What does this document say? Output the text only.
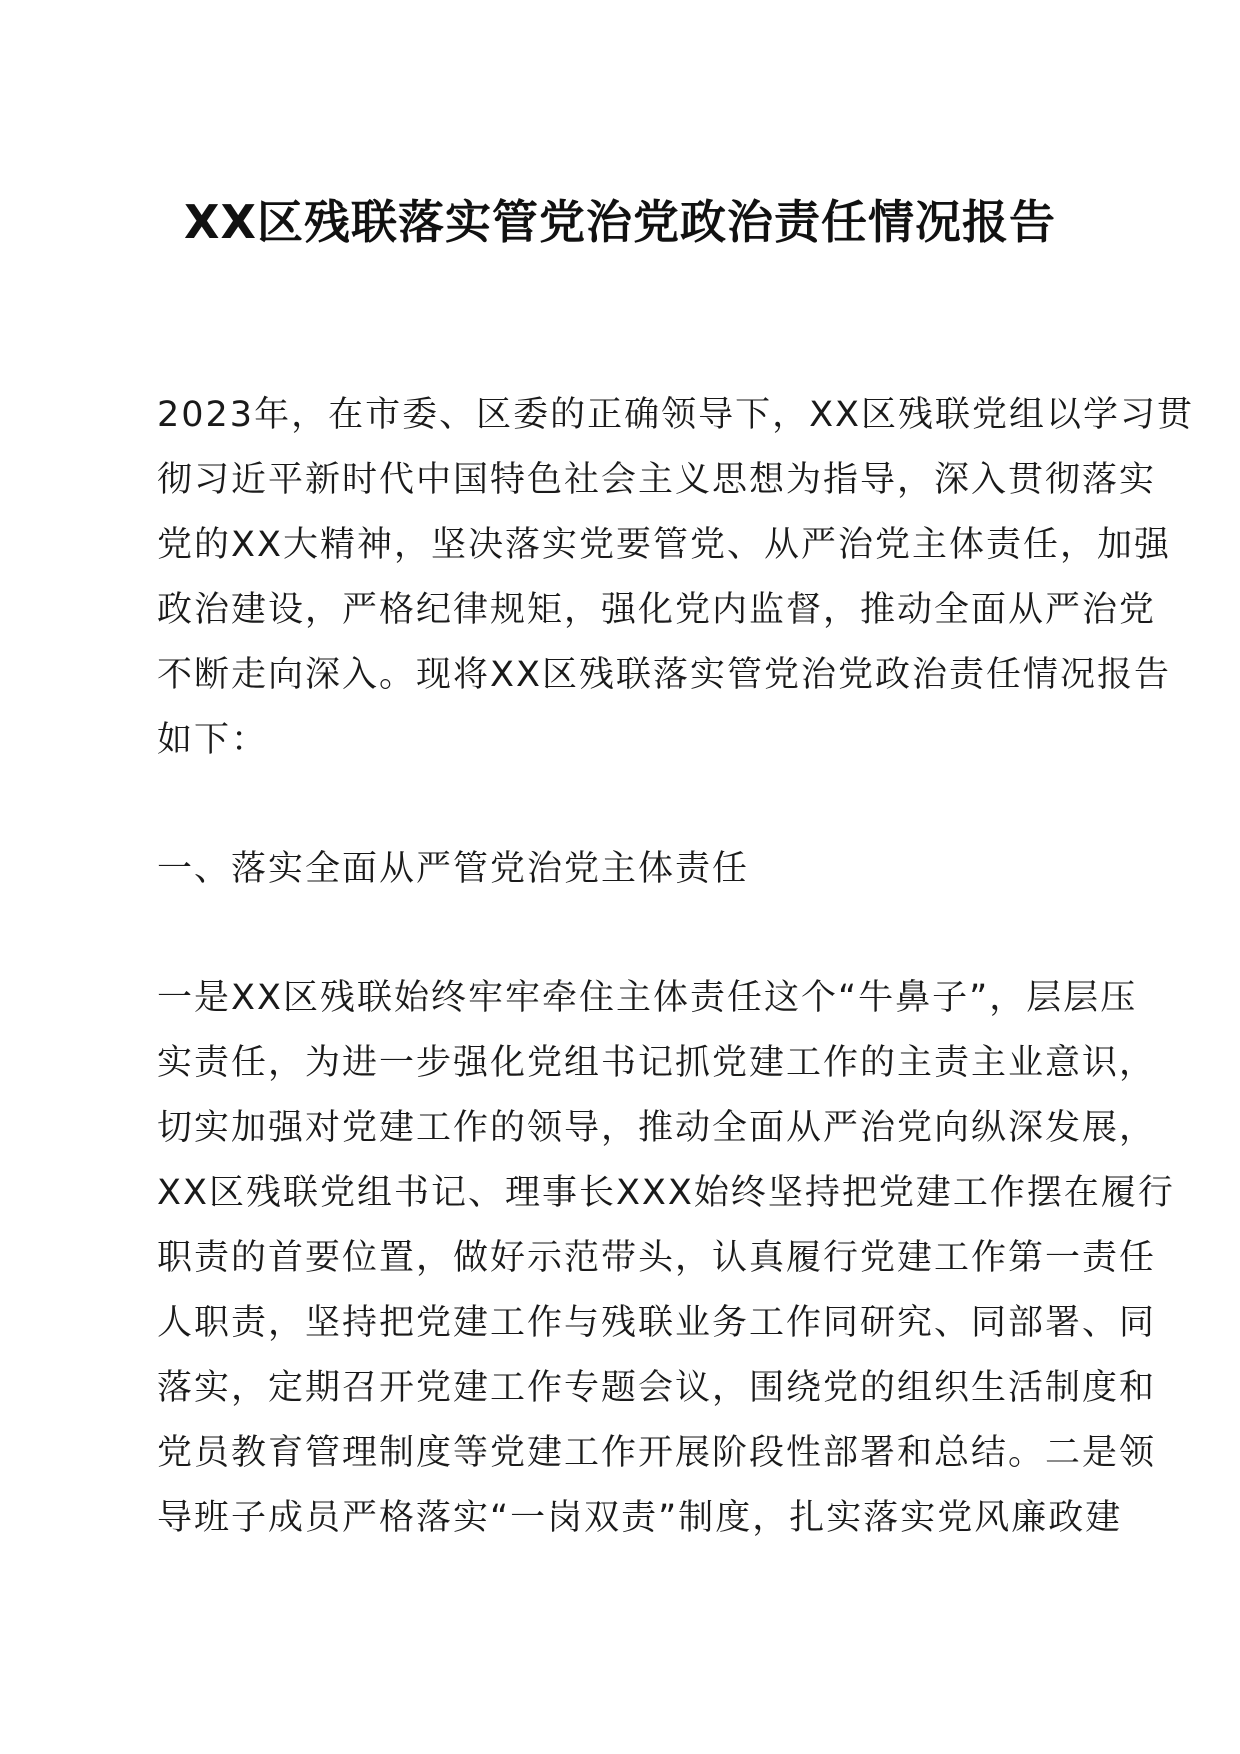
XX区残联落实管党治党政治责任情况报告

2023年，在市委、区委的正确领导下，XX区残联党组以学习贯

彻习近平新时代中国特色社会主义思想为指导，深入贯彻落实

党的XX大精神，坚决落实党要管党、从严治党主体责任，加强

政治建设，严格纪律规矩，强化党内监督，推动全面从严治党

不断走向深入。现将XX区残联落实管党治党政治责任情况报告

如下：

一、落实全面从严管党治党主体责任

一是XX区残联始终牢牢牵住主体责任这个“牛鼻子”，层层压

实责任，为进一步强化党组书记抓党建工作的主责主业意识，

切实加强对党建工作的领导，推动全面从严治党向纵深发展，

XX区残联党组书记、理事长XXX始终坚持把党建工作摆在履行

职责的首要位置，做好示范带头，认真履行党建工作第一责任

人职责，坚持把党建工作与残联业务工作同研究、同部署、同

落实，定期召开党建工作专题会议，围绕党的组织生活制度和

党员教育管理制度等党建工作开展阶段性部署和总结。二是领

导班子成员严格落实“一岗双责”制度，扎实落实党风廉政建
